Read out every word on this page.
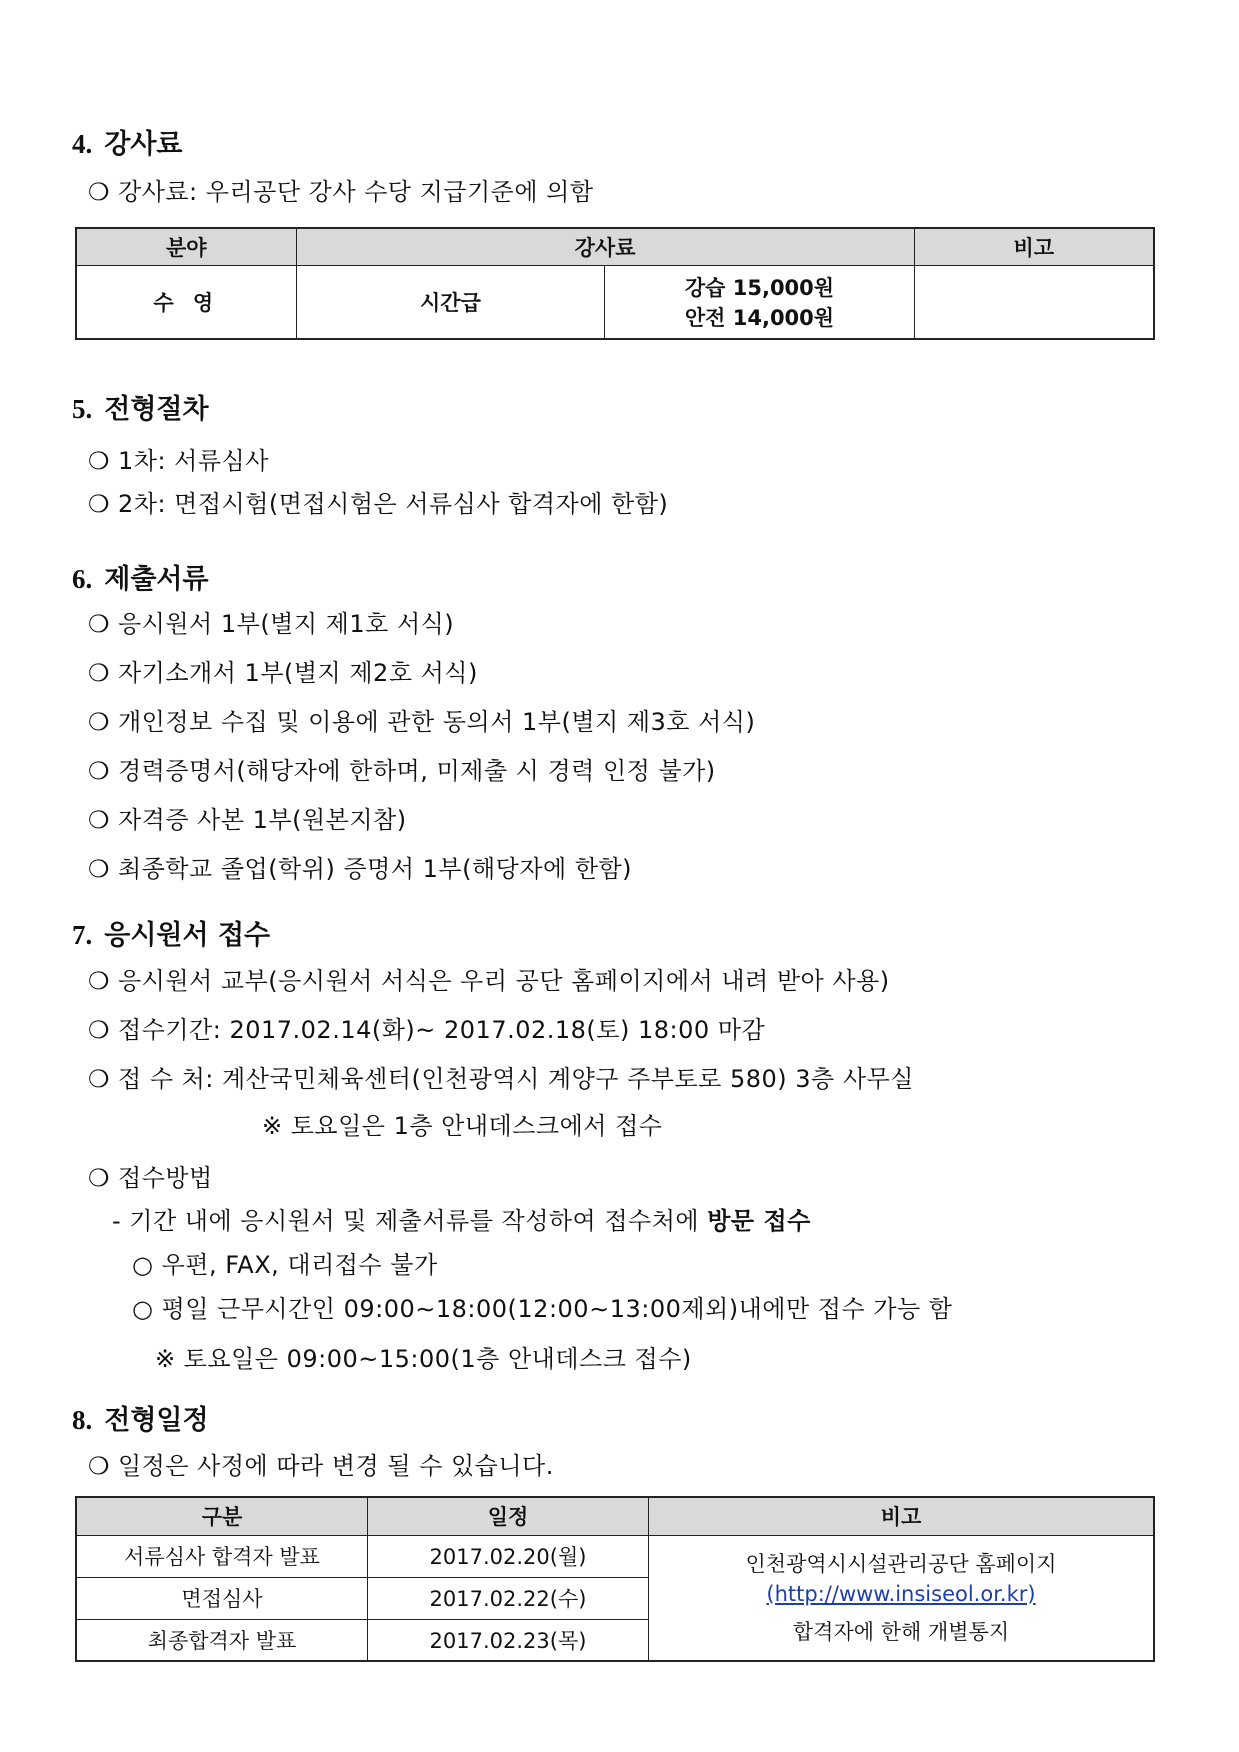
4. 강사료
❍ 강사료: 우리공단 강사 수당 지급기준에 의함
분야	강사료		비고
수 영	시간급	강습 15,000원
안전 14,000원	

5. 전형절차
❍ 1차: 서류심사
❍ 2차: 면접시험(면접시험은 서류심사 합격자에 한함)
6. 제출서류
❍ 응시원서 1부(별지 제1호 서식)
❍ 자기소개서 1부(별지 제2호 서식)
❍ 개인정보 수집 및 이용에 관한 동의서 1부(별지 제3호 서식)
❍ 경력증명서(해당자에 한하며, 미제출 시 경력 인정 불가)
❍ 자격증 사본 1부(원본지참)
❍ 최종학교 졸업(학위) 증명서 1부(해당자에 한함)
7. 응시원서 접수
❍ 응시원서 교부(응시원서 서식은 우리 공단 홈페이지에서 내려 받아 사용)
❍ 접수기간: 2017.02.14(화)~ 2017.02.18(토) 18:00 마감
❍ 접 수 처: 계산국민체육센터(인천광역시 계양구 주부토로 580) 3층 사무실
※ 토요일은 1층 안내데스크에서 접수
❍ 접수방법
- 기간 내에 응시원서 및 제출서류를 작성하여 접수처에 방문 접수
○ 우편, FAX, 대리접수 불가
○ 평일 근무시간인 09:00∼18:00(12:00∼13:00제외)내에만 접수 가능 함
※ 토요일은 09:00~15:00(1층 안내데스크 접수)
8. 전형일정
❍ 일정은 사정에 따라 변경 될 수 있습니다.
구분	일정	비고
서류심사 합격자 발표	2017.02.20(월)	인천광역시시설관리공단 홈페이지
(http://www.insiseol.or.kr)
합격자에 한해 개별통지

면접심사	2017.02.22(수)	
최종합격자 발표	2017.02.23(목)	
